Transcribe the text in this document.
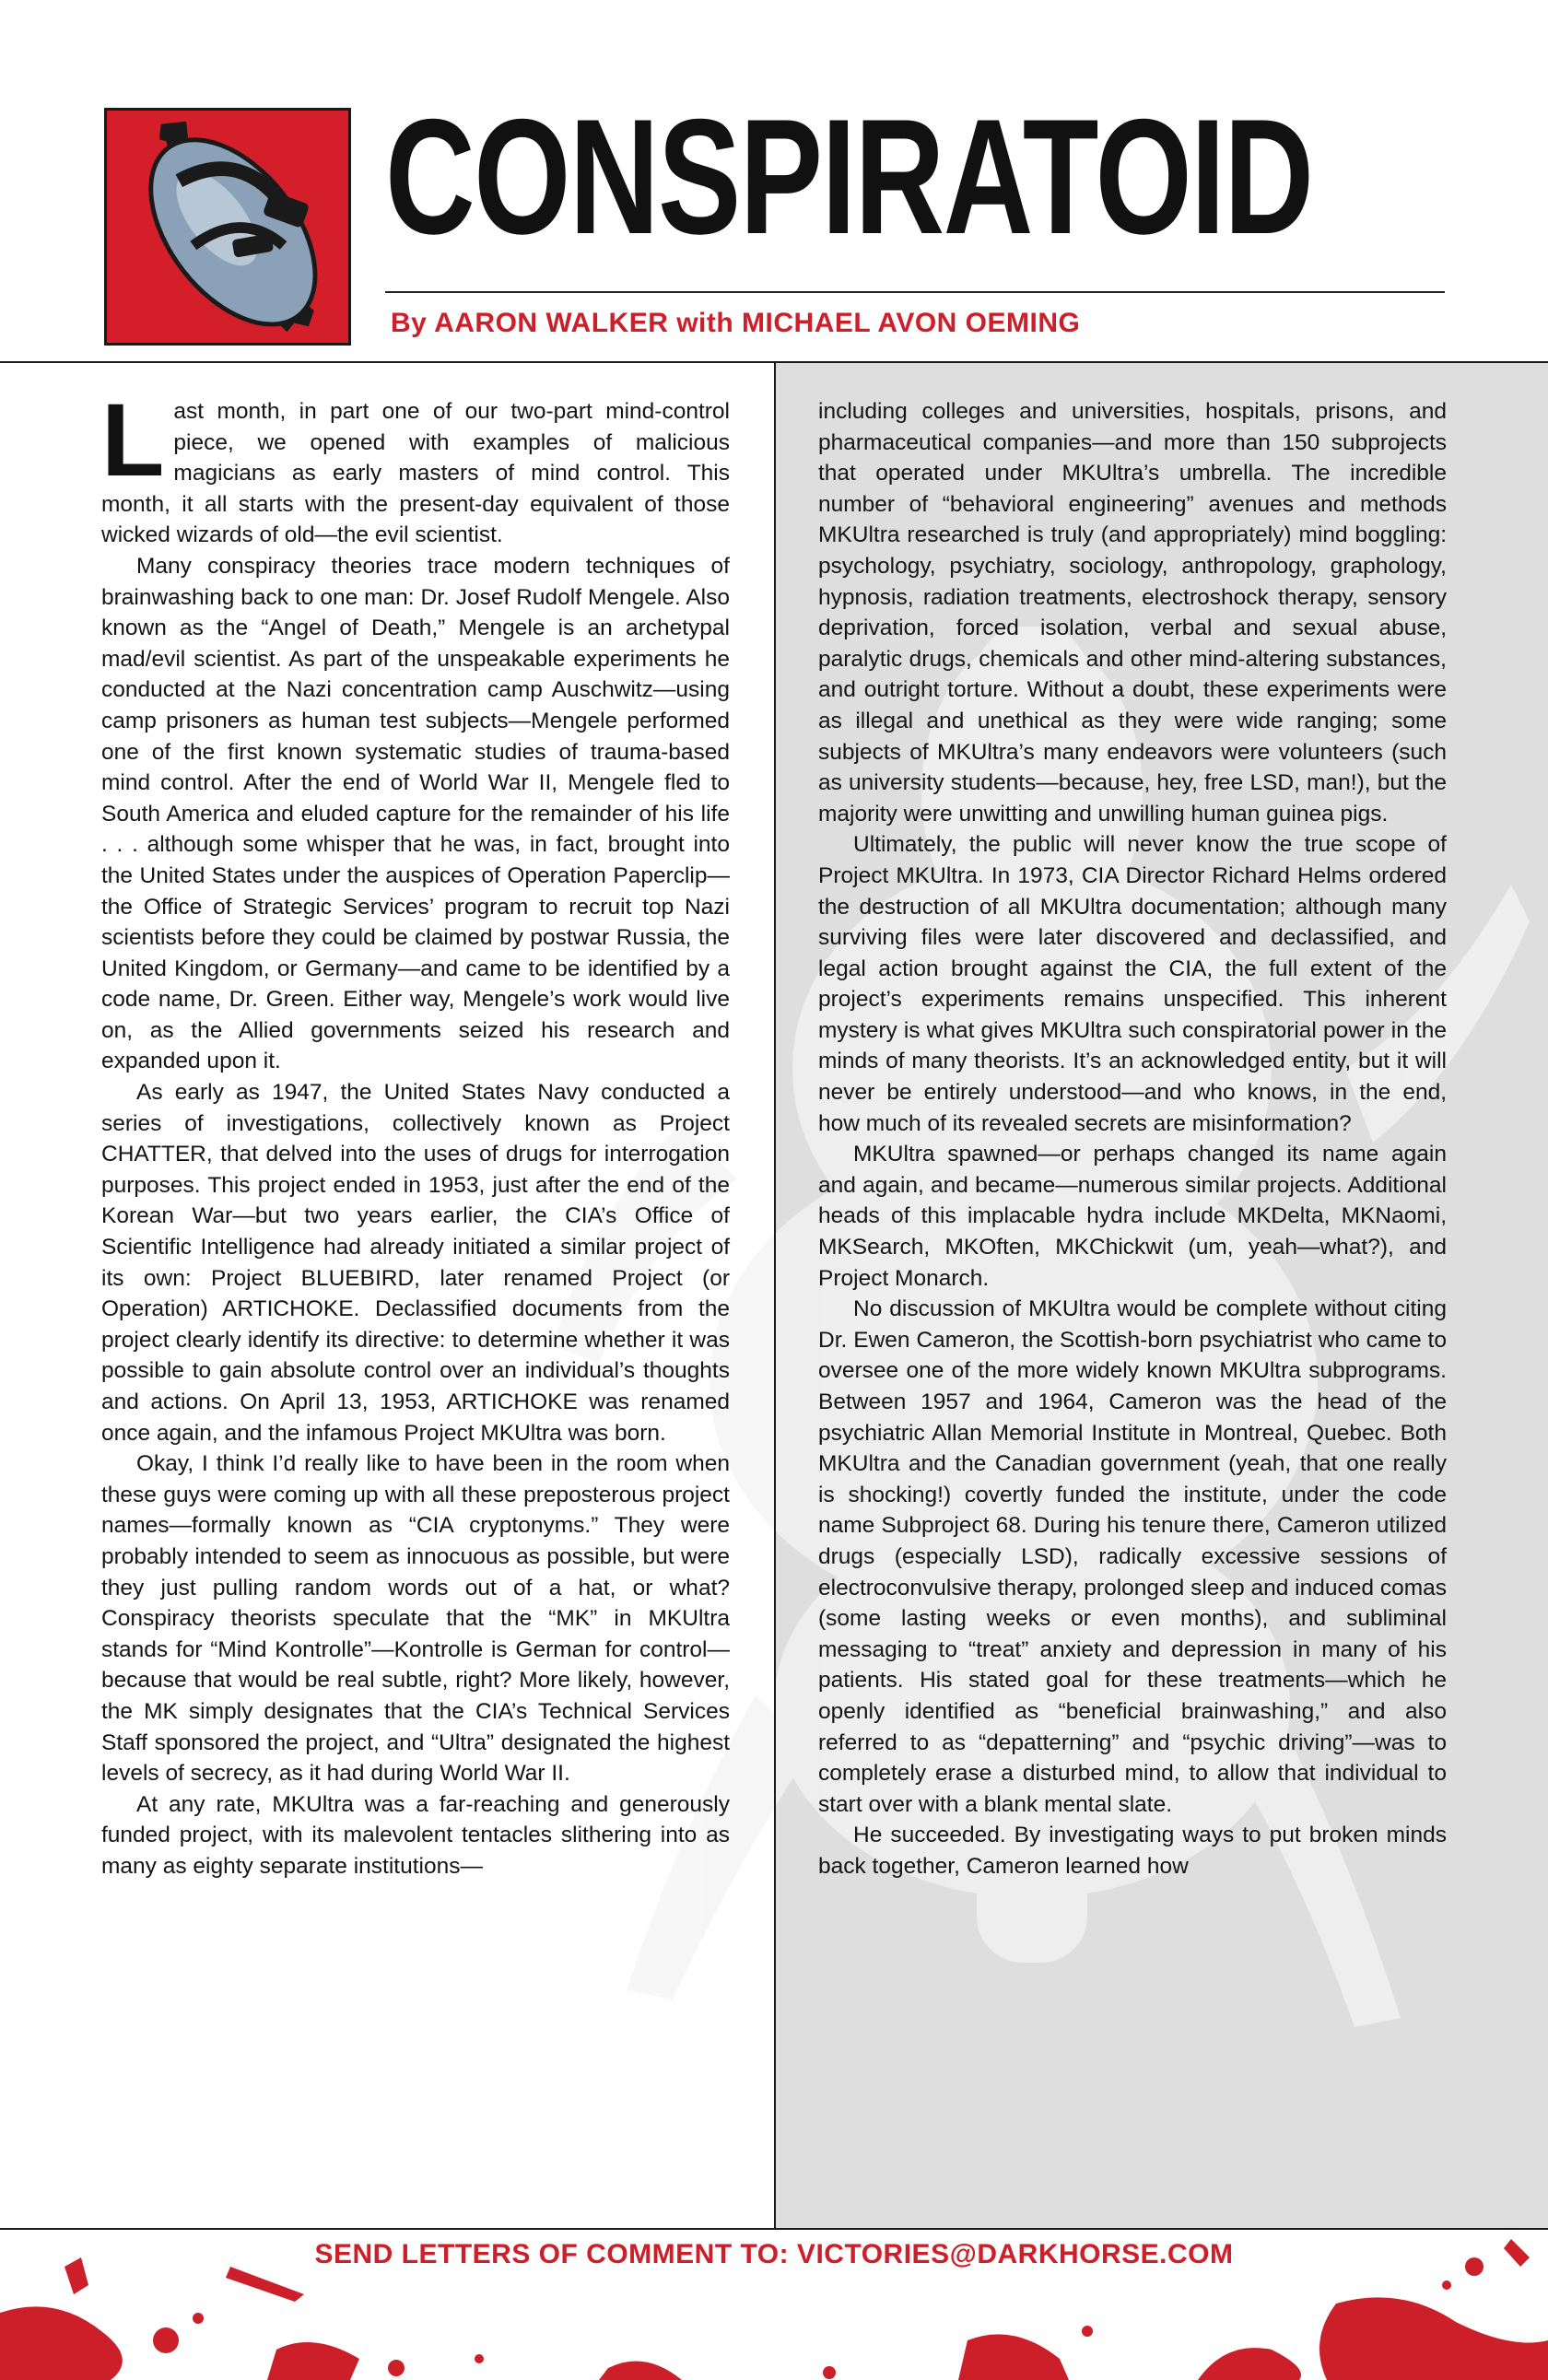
CONSPIRATOID
By AARON WALKER with MICHAEL AVON OEMING

Last month, in part one of our two-part mind-control piece, we opened with examples of malicious magicians as early masters of mind control. This month, it all starts with the present-day equivalent of those wicked wizards of old—the evil scientist.

Many conspiracy theories trace modern techniques of brainwashing back to one man: Dr. Josef Rudolf Mengele. Also known as the “Angel of Death,” Mengele is an archetypal mad/evil scientist. As part of the unspeakable experiments he conducted at the Nazi concentration camp Auschwitz—using camp prisoners as human test subjects—Mengele performed one of the first known systematic studies of trauma-based mind control. After the end of World War II, Mengele fled to South America and eluded capture for the remainder of his life . . . although some whisper that he was, in fact, brought into the United States under the auspices of Operation Paperclip—the Office of Strategic Services’ program to recruit top Nazi scientists before they could be claimed by postwar Russia, the United Kingdom, or Germany—and came to be identified by a code name, Dr. Green. Either way, Mengele’s work would live on, as the Allied governments seized his research and expanded upon it.

As early as 1947, the United States Navy conducted a series of investigations, collectively known as Project CHATTER, that delved into the uses of drugs for interrogation purposes. This project ended in 1953, just after the end of the Korean War—but two years earlier, the CIA’s Office of Scientific Intelligence had already initiated a similar project of its own: Project BLUEBIRD, later renamed Project (or Operation) ARTICHOKE. Declassified documents from the project clearly identify its directive: to determine whether it was possible to gain absolute control over an individual’s thoughts and actions. On April 13, 1953, ARTICHOKE was renamed once again, and the infamous Project MKUltra was born.

Okay, I think I’d really like to have been in the room when these guys were coming up with all these preposterous project names—formally known as “CIA cryptonyms.” They were probably intended to seem as innocuous as possible, but were they just pulling random words out of a hat, or what? Conspiracy theorists speculate that the “MK” in MKUltra stands for “Mind Kontrolle”—Kontrolle is German for control—because that would be real subtle, right? More likely, however, the MK simply designates that the CIA’s Technical Services Staff sponsored the project, and “Ultra” designated the highest levels of secrecy, as it had during World War II.

At any rate, MKUltra was a far-reaching and generously funded project, with its malevolent tentacles slithering into as many as eighty separate institutions—

including colleges and universities, hospitals, prisons, and pharmaceutical companies—and more than 150 subprojects that operated under MKUltra’s umbrella. The incredible number of “behavioral engineering” avenues and methods MKUltra researched is truly (and appropriately) mind boggling: psychology, psychiatry, sociology, anthropology, graphology, hypnosis, radiation treatments, electroshock therapy, sensory deprivation, forced isolation, verbal and sexual abuse, paralytic drugs, chemicals and other mind-altering substances, and outright torture. Without a doubt, these experiments were as illegal and unethical as they were wide ranging; some subjects of MKUltra’s many endeavors were volunteers (such as university students—because, hey, free LSD, man!), but the majority were unwitting and unwilling human guinea pigs.

Ultimately, the public will never know the true scope of Project MKUltra. In 1973, CIA Director Richard Helms ordered the destruction of all MKUltra documentation; although many surviving files were later discovered and declassified, and legal action brought against the CIA, the full extent of the project’s experiments remains unspecified. This inherent mystery is what gives MKUltra such conspiratorial power in the minds of many theorists. It’s an acknowledged entity, but it will never be entirely understood—and who knows, in the end, how much of its revealed secrets are misinformation?

MKUltra spawned—or perhaps changed its name again and again, and became—numerous similar projects. Additional heads of this implacable hydra include MKDelta, MKNaomi, MKSearch, MKOften, MKChickwit (um, yeah—what?), and Project Monarch.

No discussion of MKUltra would be complete without citing Dr. Ewen Cameron, the Scottish-born psychiatrist who came to oversee one of the more widely known MKUltra subprograms. Between 1957 and 1964, Cameron was the head of the psychiatric Allan Memorial Institute in Montreal, Quebec. Both MKUltra and the Canadian government (yeah, that one really is shocking!) covertly funded the institute, under the code name Subproject 68. During his tenure there, Cameron utilized drugs (especially LSD), radically excessive sessions of electroconvulsive therapy, prolonged sleep and induced comas (some lasting weeks or even months), and subliminal messaging to “treat” anxiety and depression in many of his patients. His stated goal for these treatments—which he openly identified as “beneficial brainwashing,” and also referred to as “depatterning” and “psychic driving”—was to completely erase a disturbed mind, to allow that individual to start over with a blank mental slate.

He succeeded. By investigating ways to put broken minds back together, Cameron learned how

SEND LETTERS OF COMMENT TO: VICTORIES@DARKHORSE.COM
